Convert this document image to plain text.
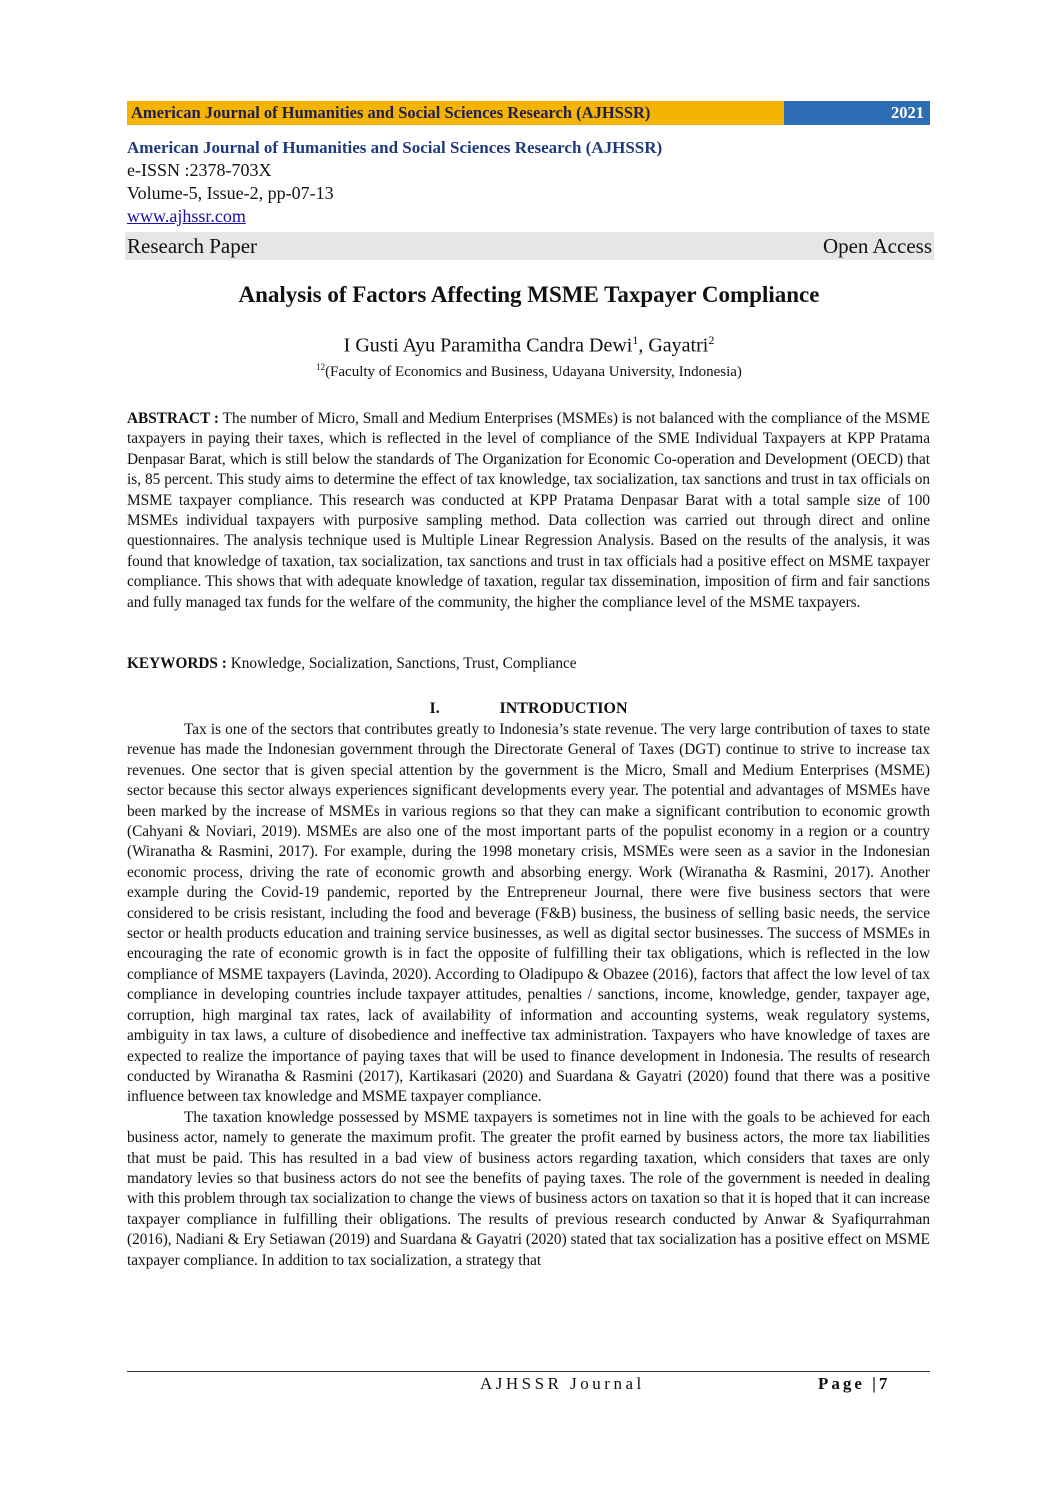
American Journal of Humanities and Social Sciences Research (AJHSSR)	2021
American Journal of Humanities and Social Sciences Research (AJHSSR)
e-ISSN :2378-703X
Volume-5, Issue-2, pp-07-13
www.ajhssr.com
Research Paper	Open Access
Analysis of Factors Affecting MSME Taxpayer Compliance
I Gusti Ayu Paramitha Candra Dewi$^1$, Gayatri$^2$
$^{12}$(Faculty of Economics and Business, Udayana University, Indonesia)
ABSTRACT : The number of Micro, Small and Medium Enterprises (MSMEs) is not balanced with the compliance of the MSME taxpayers in paying their taxes, which is reflected in the level of compliance of the SME Individual Taxpayers at KPP Pratama Denpasar Barat, which is still below the standards of The Organization for Economic Co-operation and Development (OECD) that is, 85 percent. This study aims to determine the effect of tax knowledge, tax socialization, tax sanctions and trust in tax officials on MSME taxpayer compliance. This research was conducted at KPP Pratama Denpasar Barat with a total sample size of 100 MSMEs individual taxpayers with purposive sampling method. Data collection was carried out through direct and online questionnaires. The analysis technique used is Multiple Linear Regression Analysis. Based on the results of the analysis, it was found that knowledge of taxation, tax socialization, tax sanctions and trust in tax officials had a positive effect on MSME taxpayer compliance. This shows that with adequate knowledge of taxation, regular tax dissemination, imposition of firm and fair sanctions and fully managed tax funds for the welfare of the community, the higher the compliance level of the MSME taxpayers.
KEYWORDS : Knowledge, Socialization, Sanctions, Trust, Compliance
I.	INTRODUCTION

Tax is one of the sectors that contributes greatly to Indonesia’s state revenue. The very large contribution of taxes to state revenue has made the Indonesian government through the Directorate General of Taxes (DGT) continue to strive to increase tax revenues. One sector that is given special attention by the government is the Micro, Small and Medium Enterprises (MSME) sector because this sector always experiences significant developments every year. The potential and advantages of MSMEs have been marked by the increase of MSMEs in various regions so that they can make a significant contribution to economic growth (Cahyani & Noviari, 2019). MSMEs are also one of the most important parts of the populist economy in a region or a country (Wiranatha & Rasmini, 2017). For example, during the 1998 monetary crisis, MSMEs were seen as a savior in the Indonesian economic process, driving the rate of economic growth and absorbing energy. Work (Wiranatha & Rasmini, 2017). Another example during the Covid-19 pandemic, reported by the Entrepreneur Journal, there were five business sectors that were considered to be crisis resistant, including the food and beverage (F&B) business, the business of selling basic needs, the service sector or health products education and training service businesses, as well as digital sector businesses. The success of MSMEs in encouraging the rate of economic growth is in fact the opposite of fulfilling their tax obligations, which is reflected in the low compliance of MSME taxpayers (Lavinda, 2020). According to Oladipupo & Obazee (2016), factors that affect the low level of tax compliance in developing countries include taxpayer attitudes, penalties / sanctions, income, knowledge, gender, taxpayer age, corruption, high marginal tax rates, lack of availability of information and accounting systems, weak regulatory systems, ambiguity in tax laws, a culture of disobedience and ineffective tax administration. Taxpayers who have knowledge of taxes are expected to realize the importance of paying taxes that will be used to finance development in Indonesia. The results of research conducted by Wiranatha & Rasmini (2017), Kartikasari (2020) and Suardana & Gayatri (2020) found that there was a positive influence between tax knowledge and MSME taxpayer compliance.

The taxation knowledge possessed by MSME taxpayers is sometimes not in line with the goals to be achieved for each business actor, namely to generate the maximum profit. The greater the profit earned by business actors, the more tax liabilities that must be paid. This has resulted in a bad view of business actors regarding taxation, which considers that taxes are only mandatory levies so that business actors do not see the benefits of paying taxes. The role of the government is needed in dealing with this problem through tax socialization to change the views of business actors on taxation so that it is hoped that it can increase taxpayer compliance in fulfilling their obligations. The results of previous research conducted by Anwar & Syafiqurrahman (2016), Nadiani & Ery Setiawan (2019) and Suardana & Gayatri (2020) stated that tax socialization has a positive effect on MSME taxpayer compliance. In addition to tax socialization, a strategy that

AJHSSR Journal	Page |7
